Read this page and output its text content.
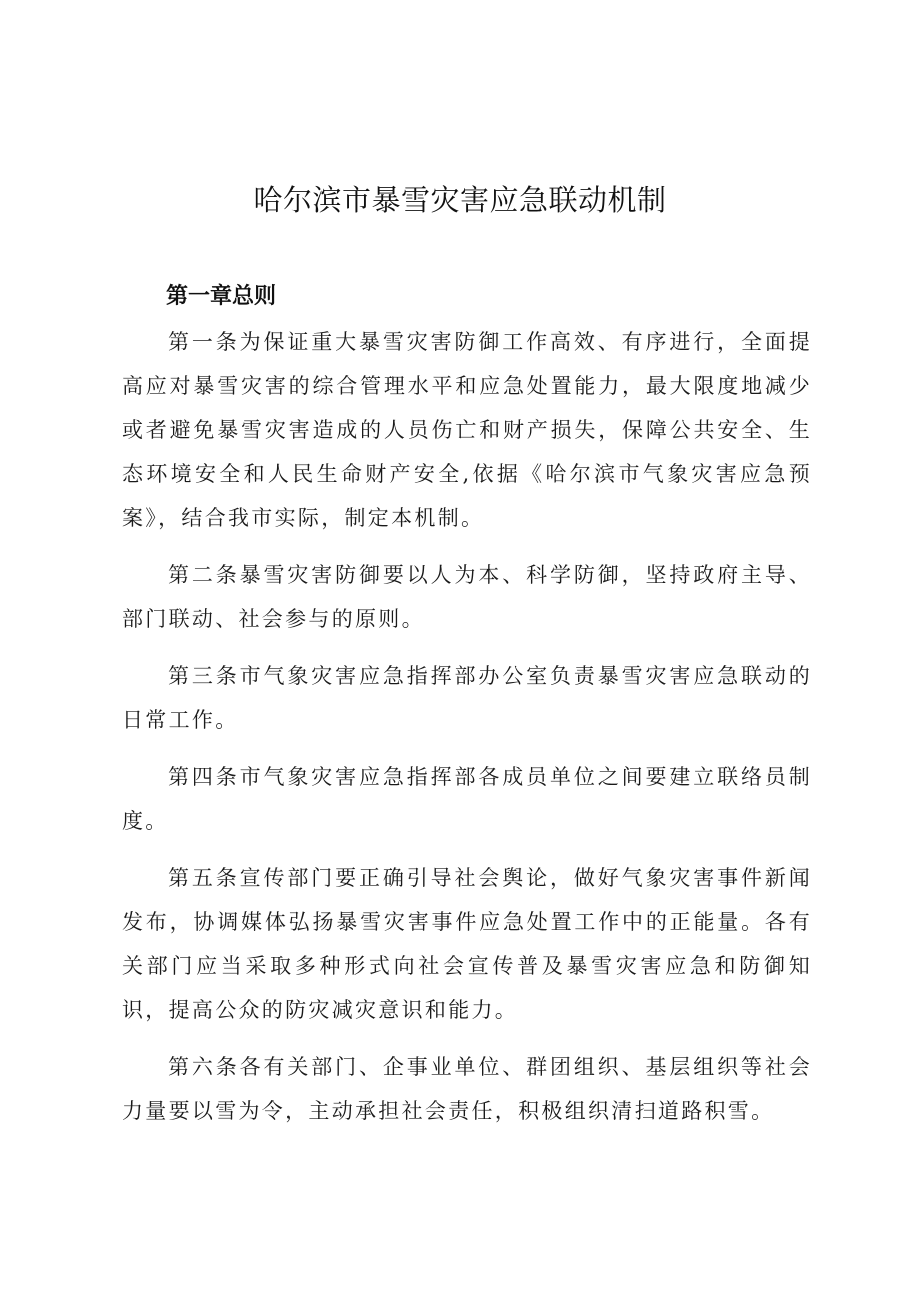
哈尔滨市暴雪灾害应急联动机制
第一章总则

第一条为保证重大暴雪灾害防御工作高效、有序进行，全面提高应对暴雪灾害的综合管理水平和应急处置能力，最大限度地减少或者避免暴雪灾害造成的人员伤亡和财产损失，保障公共安全、生态环境安全和人民生命财产安全,依据《哈尔滨市气象灾害应急预案》，结合我市实际，制定本机制。

第二条暴雪灾害防御要以人为本、科学防御，坚持政府主导、部门联动、社会参与的原则。

第三条市气象灾害应急指挥部办公室负责暴雪灾害应急联动的日常工作。

第四条市气象灾害应急指挥部各成员单位之间要建立联络员制度。

第五条宣传部门要正确引导社会舆论，做好气象灾害事件新闻发布，协调媒体弘扬暴雪灾害事件应急处置工作中的正能量。各有关部门应当采取多种形式向社会宣传普及暴雪灾害应急和防御知识，提高公众的防灾减灾意识和能力。

第六条各有关部门、企事业单位、群团组织、基层组织等社会力量要以雪为令，主动承担社会责任，积极组织清扫道路积雪。
